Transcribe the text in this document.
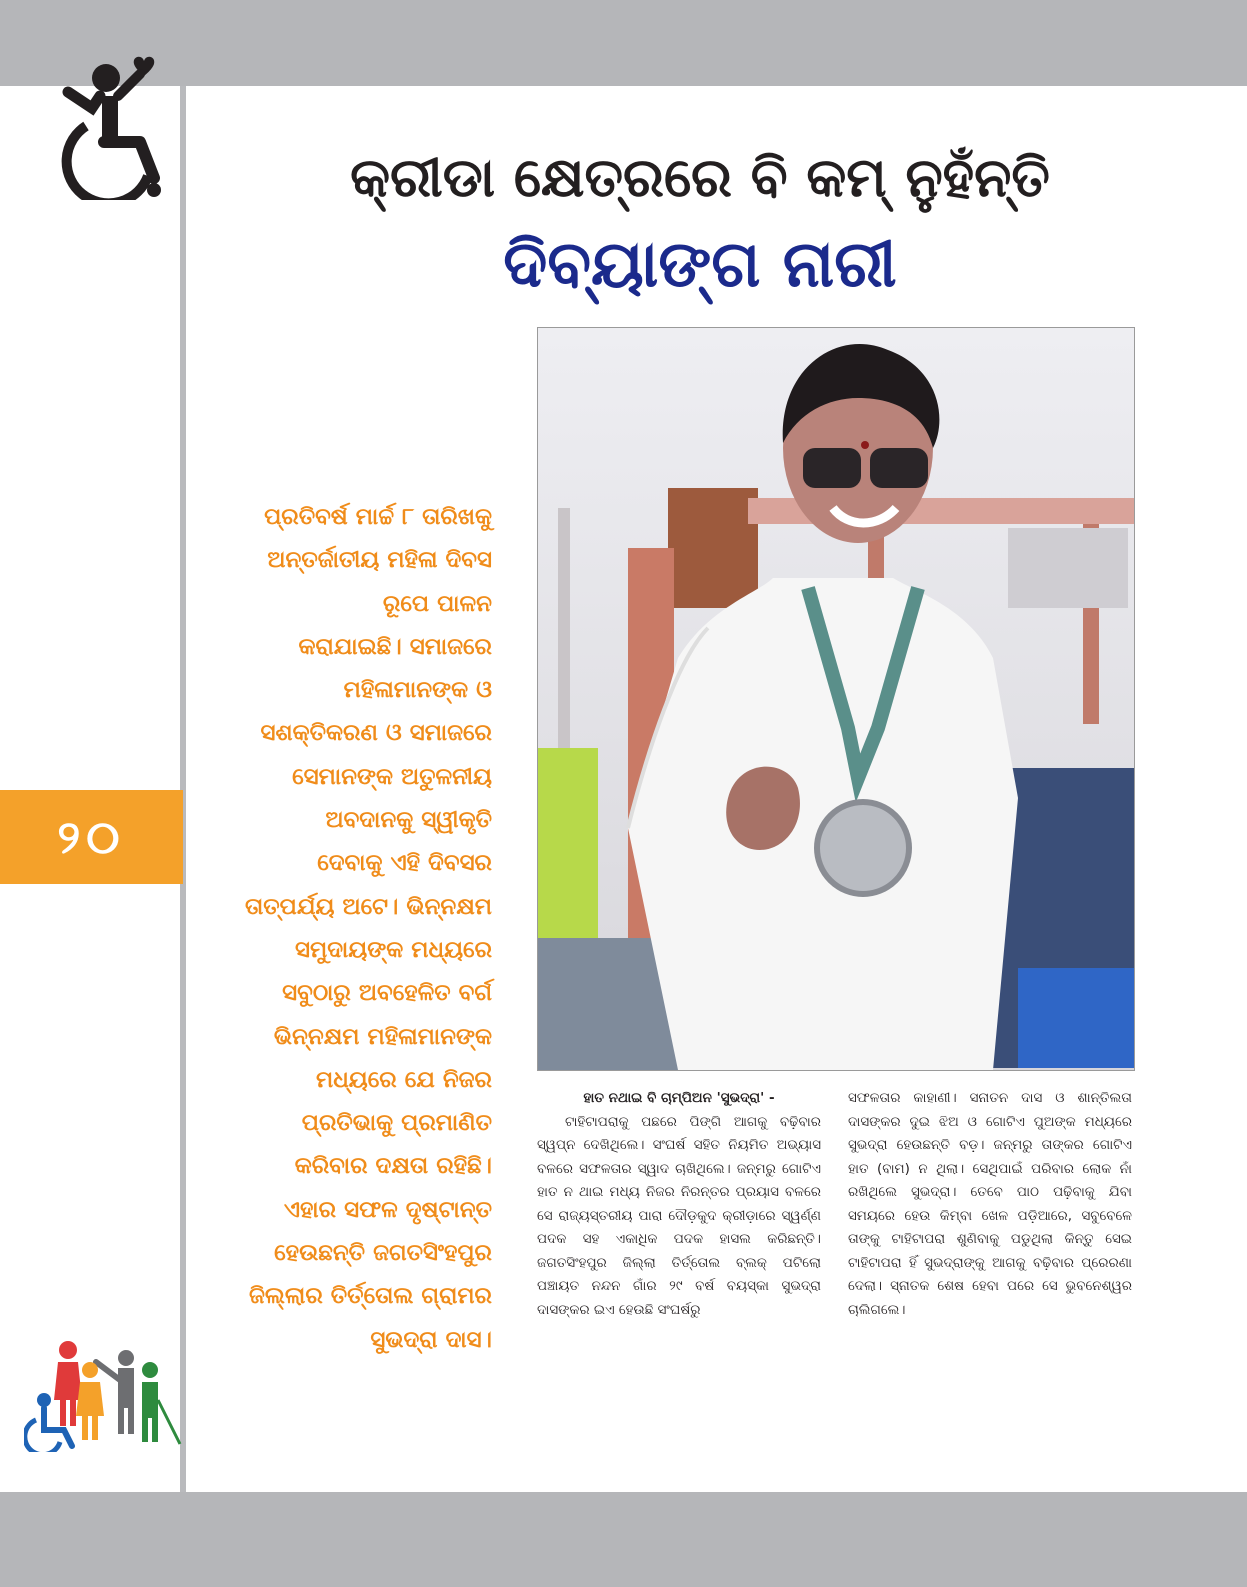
୨୦
କ୍ରୀଡା କ୍ଷେତ୍ରରେ ବି କମ୍ ନୁହଁନ୍ତି
ଦିବ୍ୟାଙ୍ଗ ନାରୀ
ପ୍ରତିବର୍ଷ ମାର୍ଚ୍ଚ ୮ ତାରିଖକୁ
ଅନ୍ତର୍ଜାତୀୟ ମହିଳା ଦିବସ
ରୂପେ ପାଳନ
କରାଯାଇଛି। ସମାଜରେ
ମହିଳାମାନଙ୍କ ଓ
ସଶକ୍ତିକରଣ ଓ ସମାଜରେ
ସେମାନଙ୍କ ଅତୁଳନୀୟ
ଅବଦାନକୁ ସ୍ୱୀକୃତି
ଦେବାକୁ ଏହି ଦିବସର
ତାତ୍ପର୍ଯ୍ୟ ଅଟେ। ଭିନ୍ନକ୍ଷମ
ସମୁଦାୟଙ୍କ ମଧ୍ୟରେ
ସବୁଠାରୁ ଅବହେଳିତ ବର୍ଗ
ଭିନ୍ନକ୍ଷମ ମହିଳାମାନଙ୍କ
ମଧ୍ୟରେ ଯେ ନିଜର
ପ୍ରତିଭାକୁ ପ୍ରମାଣିତ
କରିବାର ଦକ୍ଷତା ରହିଛି।
ଏହାର ସଫଳ ଦୃଷ୍ଟାନ୍ତ
ହେଉଛନ୍ତି ଜଗତସିଂହପୁର
ଜିଲ୍ଲାର ତିର୍ତ୍ତୋଲ ଗ୍ରାମର
ସୁଭଦ୍ରା ଦାସ।

ହାତ ନଥାଇ ବି ଚାମ୍ପିଅନ 'ସୁଭଦ୍ରା' -

ଟାହିଟାପରାକୁ ପଛରେ ପିଙ୍ଗି ଆଗକୁ ବଢ଼ିବାର ସ୍ୱପ୍ନ ଦେଖିଥିଲେ। ସଂଘର୍ଷ ସହିତ ନିୟମିତ ଅଭ୍ୟାସ ବଳରେ ସଫଳତାର ସ୍ୱାଦ ଚାଖିଥିଲେ। ଜନ୍ମରୁ ଗୋଟିଏ ହାତ ନ ଥାଇ ମଧ୍ୟ ନିଜର ନିରନ୍ତର ପ୍ରୟାସ ବଳରେ ସେ ରାଜ୍ୟସ୍ତରୀୟ ପାରା ଦୌଡ଼କୁଦ କ୍ରୀଡ଼ାରେ ସ୍ୱର୍ଣ୍ଣ ପଦକ ସହ ଏକାଧିକ ପଦକ ହାସଲ କରିଛନ୍ତି। ଜଗତସିଂହପୁର ଜିଲ୍ଲା ତିର୍ତ୍ତୋଲ ବ୍ଲକ୍ ପଟିଲୋ ପଞ୍ଚାୟତ ନନ୍ଦନ ଗାଁର ୨୯ ବର୍ଷ ବୟସ୍କା ସୁଭଦ୍ରା ଦାସଙ୍କର ଇଏ ହେଉଛି ସଂଘର୍ଷରୁ

ସଫଳତାର କାହାଣୀ। ସନାତନ ଦାସ ଓ ଶାନ୍ତିଲତା ଦାସଙ୍କର ଦୁଇ ଝିଅ ଓ ଗୋଟିଏ ପୁଅଙ୍କ ମଧ୍ୟରେ ସୁଭଦ୍ରା ହେଉଛନ୍ତି ବଡ଼। ଜନ୍ମରୁ ତାଙ୍କର ଗୋଟିଏ ହାତ (ବାମ) ନ ଥିଲା। ସେଥିପାଇଁ ପରିବାର ଲୋକ ନାଁ ରଖିଥିଲେ ସୁଭଦ୍ରା। ତେବେ ପାଠ ପଢ଼ିବାକୁ ଯିବା ସମୟରେ ହେଉ କିମ୍ବା ଖେଳ ପଡ଼ିଆରେ, ସବୁବେଳେ ତାଙ୍କୁ ଟାହିଟାପରା ଶୁଣିବାକୁ ପଡୁଥିଲା କିନ୍ତୁ ସେଇ ଟାହିଟାପରା ହିଁ ସୁଭଦ୍ରାଙ୍କୁ ଆଗକୁ ବଢ଼ିବାର ପ୍ରେରଣା ଦେଲା। ସ୍ନାତକ ଶେଷ ହେବା ପରେ ସେ ଭୁବନେଶ୍ୱର ଚାଲିଗଲେ।
